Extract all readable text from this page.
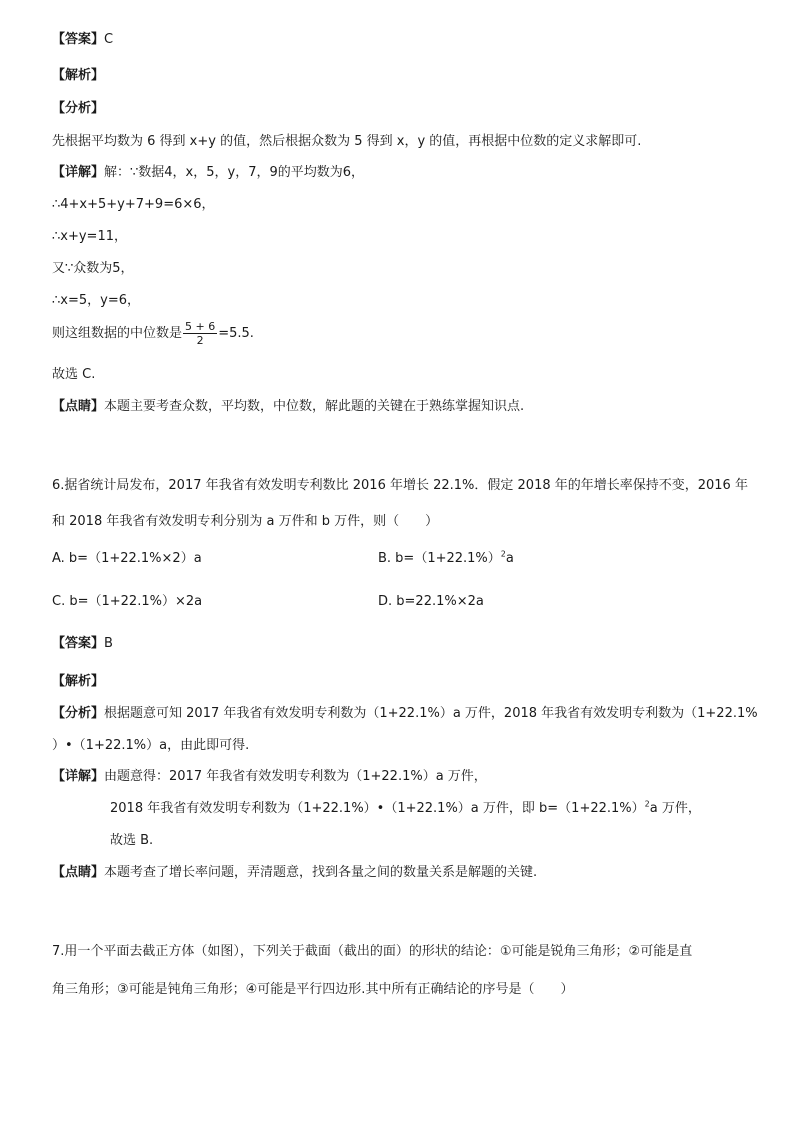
【答案】C
【解析】
【分析】
先根据平均数为 6 得到 x+y 的值，然后根据众数为 5 得到 x，y 的值，再根据中位数的定义求解即可.
【详解】解：∵数据4，x，5，y，7，9的平均数为6，
∴4+x+5+y+7+9=6×6，
∴x+y=11，
又∵众数为5，
∴x=5，y=6，
则这组数据的中位数是 $\frac{5 + 6}{2} =5.5$.
故选 C.
【点睛】本题主要考查众数，平均数，中位数，解此题的关键在于熟练掌握知识点.
6.据省统计局发布，2017 年我省有效发明专利数比 2016 年增长 22.1%．假定 2018 年的年增长率保持不变，2016 年
和 2018 年我省有效发明专利分别为 a 万件和 b 万件，则（　　）
A. b=（1+22.1%×2）a	B. $b=(1+22.1\%)^2a$
C. b=（1+22.1%）×2a	D. b=22.1%×2a
【答案】B
【解析】
【分析】根据题意可知 2017 年我省有效发明专利数为（1+22.1%）a 万件，2018 年我省有效发明专利数为（1+22.1%
）•（1+22.1%）a，由此即可得.
【详解】由题意得：2017 年我省有效发明专利数为（1+22.1%）a 万件，
2018 年我省有效发明专利数为（1+22.1%）•（1+22.1%）a 万件，即 $b=(1+22.1\%)^2a$ 万件，
故选 B.
【点睛】本题考查了增长率问题，弄清题意，找到各量之间的数量关系是解题的关键.
7.用一个平面去截正方体（如图），下列关于截面（截出的面）的形状的结论：①可能是锐角三角形；②可能是直
角三角形；③可能是钝角三角形；④可能是平行四边形.其中所有正确结论的序号是（　　）
